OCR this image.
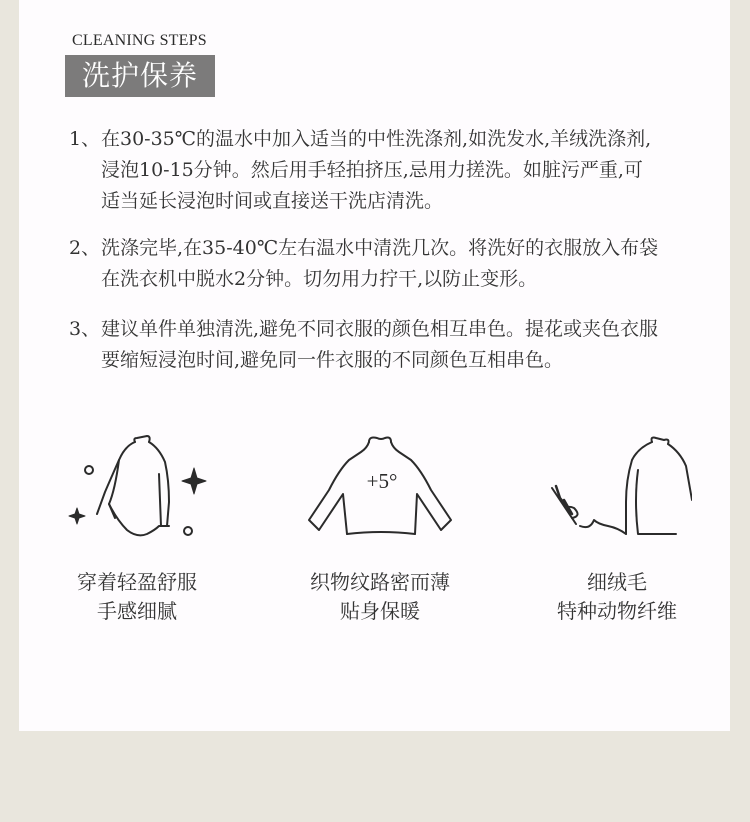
CLEANING STEPS
洗护保养
1、 在30-35℃的温水中加入适当的中性洗涤剂,如洗发水,羊绒洗涤剂,
浸泡10-15分钟。然后用手轻拍挤压,忌用力搓洗。如脏污严重,可
适当延长浸泡时间或直接送干洗店清洗。
2、 洗涤完毕,在35-40℃左右温水中清洗几次。将洗好的衣服放入布袋
在洗衣机中脱水2分钟。切勿用力拧干,以防止变形。
3、 建议单件单独清洗,避免不同衣服的颜色相互串色。提花或夹色衣服
要缩短浸泡时间,避免同一件衣服的不同颜色互相串色。
穿着轻盈舒服
手感细腻
+5°
织物纹路密而薄
贴身保暖
细绒毛
特种动物纤维
